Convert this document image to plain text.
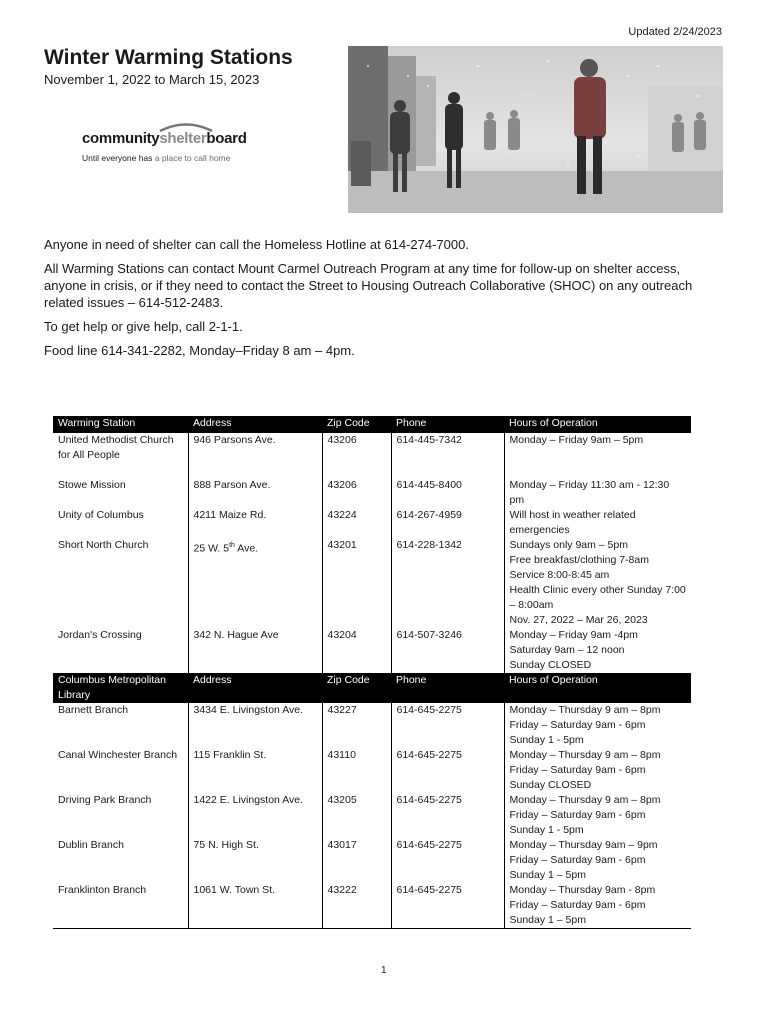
Updated 2/24/2023
Winter Warming Stations
November 1, 2022 to March 15, 2023
communityshelterboard
Until everyone has a place to call home

Anyone in need of shelter can call the Homeless Hotline at 614-274-7000.

All Warming Stations can contact Mount Carmel Outreach Program at any time for follow-up on shelter access, anyone in crisis, or if they need to contact the Street to Housing Outreach Collaborative (SHOC) on any outreach related issues – 614-512-2483.

To get help or give help, call 2-1-1.

Food line 614-341-2282, Monday–Friday 8 am – 4pm.

Warming Station	Address	Zip Code	Phone	Hours of Operation
United Methodist Church for All People	946 Parsons Ave.	43206	614-445-7342	Monday – Friday 9am – 5pm

Stowe Mission	888 Parson Ave.	43206	614-445-8400	Monday – Friday 11:30 am - 12:30 pm

Unity of Columbus	4211 Maize Rd.	43224	614-267-4959	Will host in weather related emergencies

Short North Church	25 W. 5th Ave.	43201	614-228-1342	Sundays only 9am – 5pm
Free breakfast/clothing 7-8am
Service 8:00-8:45 am
Health Clinic every other Sunday 7:00 – 8:00am
Nov. 27, 2022 – Mar 26, 2023

Jordan's Crossing	342 N. Hague Ave	43204	614-507-3246	Monday – Friday 9am -4pm
Saturday 9am – 12 noon
Sunday CLOSED

Columbus Metropolitan Library	Address	Zip Code	Phone	Hours of Operation
Barnett Branch	3434 E. Livingston Ave.	43227	614-645-2275	Monday – Thursday 9 am – 8pm
Friday – Saturday 9am - 6pm
Sunday 1 - 5pm

Canal Winchester Branch	115 Franklin St.	43110	614-645-2275	Monday – Thursday 9 am – 8pm
Friday – Saturday 9am - 6pm
Sunday CLOSED

Driving Park Branch	1422 E. Livingston Ave.	43205	614-645-2275	Monday – Thursday 9 am – 8pm
Friday – Saturday 9am - 6pm
Sunday 1 - 5pm

Dublin Branch	75 N. High St.	43017	614-645-2275	Monday – Thursday 9am – 9pm
Friday – Saturday 9am - 6pm
Sunday 1 – 5pm

Franklinton Branch	1061 W. Town St.	43222	614-645-2275	Monday – Thursday 9am - 8pm
Friday – Saturday 9am - 6pm
Sunday 1 – 5pm
1
